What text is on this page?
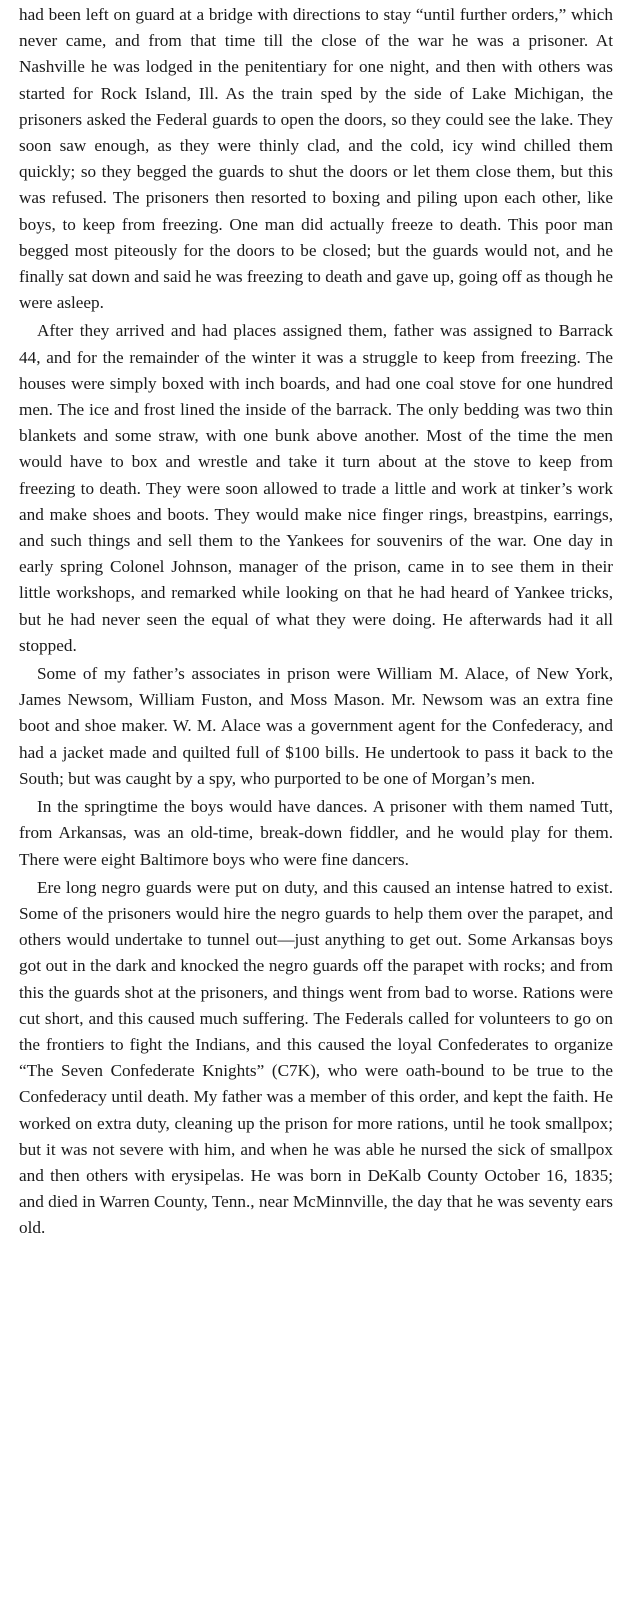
had been left on guard at a bridge with directions to stay “until further orders,” which never came, and from that time till the close of the war he was a prisoner. At Nashville he was lodged in the penitentiary for one night, and then with others was started for Rock Island, Ill. As the train sped by the side of Lake Michigan, the prisoners asked the Federal guards to open the doors, so they could see the lake. They soon saw enough, as they were thinly clad, and the cold, icy wind chilled them quickly; so they begged the guards to shut the doors or let them close them, but this was refused. The prisoners then resorted to boxing and piling upon each other, like boys, to keep from freezing. One man did actually freeze to death. This poor man begged most piteously for the doors to be closed; but the guards would not, and he finally sat down and said he was freezing to death and gave up, going off as though he were asleep.

After they arrived and had places assigned them, father was assigned to Barrack 44, and for the remainder of the winter it was a struggle to keep from freezing. The houses were simply boxed with inch boards, and had one coal stove for one hundred men. The ice and frost lined the inside of the barrack. The only bedding was two thin blankets and some straw, with one bunk above another. Most of the time the men would have to box and wrestle and take it turn about at the stove to keep from freezing to death. They were soon allowed to trade a little and work at tinker’s work and make shoes and boots. They would make nice finger rings, breastpins, earrings, and such things and sell them to the Yankees for souvenirs of the war. One day in early spring Colonel Johnson, manager of the prison, came in to see them in their little workshops, and remarked while looking on that he had heard of Yankee tricks, but he had never seen the equal of what they were doing. He afterwards had it all stopped.

Some of my father’s associates in prison were William M. Alace, of New York, James Newsom, William Fuston, and Moss Mason. Mr. Newsom was an extra fine boot and shoe maker. W. M. Alace was a government agent for the Confederacy, and had a jacket made and quilted full of $100 bills. He undertook to pass it back to the South; but was caught by a spy, who purported to be one of Morgan’s men.

In the springtime the boys would have dances. A prisoner with them named Tutt, from Arkansas, was an old-time, break-down fiddler, and he would play for them. There were eight Baltimore boys who were fine dancers.

Ere long negro guards were put on duty, and this caused an intense hatred to exist. Some of the prisoners would hire the negro guards to help them over the parapet, and others would undertake to tunnel out—just anything to get out. Some Arkansas boys got out in the dark and knocked the negro guards off the parapet with rocks; and from this the guards shot at the prisoners, and things went from bad to worse. Rations were cut short, and this caused much suffering. The Federals called for volunteers to go on the frontiers to fight the Indians, and this caused the loyal Confederates to organize “The Seven Confederate Knights” (C7K), who were oath-bound to be true to the Confederacy until death. My father was a member of this order, and kept the faith. He worked on extra duty, cleaning up the prison for more rations, until he took smallpox; but it was not severe with him, and when he was able he nursed the sick of smallpox and then others with erysipelas. He was born in DeKalb County October 16, 1835; and died in Warren County, Tenn., near McMinnville, the day that he was seventy ears old.
